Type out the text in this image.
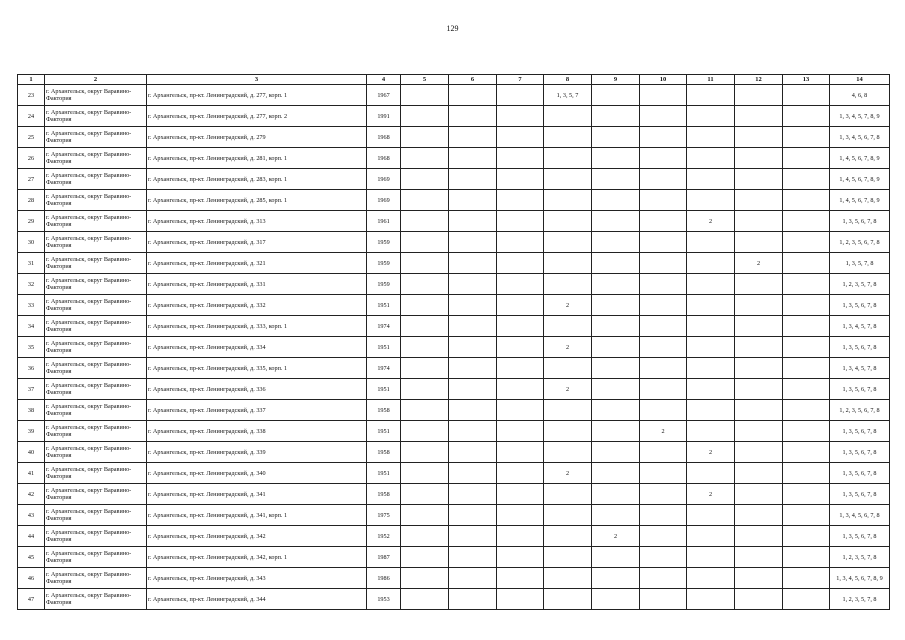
129
1	2	3	4	5	6	7	8	9	10	11	12	13	14
23	г. Архангельск, округ Варавино-Фактория	г. Архангельск, пр-кт. Ленинградский, д. 277, корп. 1	1967				1, 3, 5, 7						4, 6, 8
24	г. Архангельск, округ Варавино-Фактория	г. Архангельск, пр-кт. Ленинградский, д. 277, корп. 2	1991										1, 3, 4, 5, 7, 8, 9
25	г. Архангельск, округ Варавино-Фактория	г. Архангельск, пр-кт. Ленинградский, д. 279	1968										1, 3, 4, 5, 6, 7, 8
26	г. Архангельск, округ Варавино-Фактория	г. Архангельск, пр-кт. Ленинградский, д. 281, корп. 1	1968										1, 4, 5, 6, 7, 8, 9
27	г. Архангельск, округ Варавино-Фактория	г. Архангельск, пр-кт. Ленинградский, д. 283, корп. 1	1969										1, 4, 5, 6, 7, 8, 9
28	г. Архангельск, округ Варавино-Фактория	г. Архангельск, пр-кт. Ленинградский, д. 285, корп. 1	1969										1, 4, 5, 6, 7, 8, 9
29	г. Архангельск, округ Варавино-Фактория	г. Архангельск, пр-кт. Ленинградский, д. 313	1961							2			1, 3, 5, 6, 7, 8
30	г. Архангельск, округ Варавино-Фактория	г. Архангельск, пр-кт. Ленинградский, д. 317	1959										1, 2, 3, 5, 6, 7, 8
31	г. Архангельск, округ Варавино-Фактория	г. Архангельск, пр-кт. Ленинградский, д. 321	1959								2		1, 3, 5, 7, 8
32	г. Архангельск, округ Варавино-Фактория	г. Архангельск, пр-кт. Ленинградский, д. 331	1959										1, 2, 3, 5, 7, 8
33	г. Архангельск, округ Варавино-Фактория	г. Архангельск, пр-кт. Ленинградский, д. 332	1951				2						1, 3, 5, 6, 7, 8
34	г. Архангельск, округ Варавино-Фактория	г. Архангельск, пр-кт. Ленинградский, д. 333, корп. 1	1974										1, 3, 4, 5, 7, 8
35	г. Архангельск, округ Варавино-Фактория	г. Архангельск, пр-кт. Ленинградский, д. 334	1951				2						1, 3, 5, 6, 7, 8
36	г. Архангельск, округ Варавино-Фактория	г. Архангельск, пр-кт. Ленинградский, д. 335, корп. 1	1974										1, 3, 4, 5, 7, 8
37	г. Архангельск, округ Варавино-Фактория	г. Архангельск, пр-кт. Ленинградский, д. 336	1951				2						1, 3, 5, 6, 7, 8
38	г. Архангельск, округ Варавино-Фактория	г. Архангельск, пр-кт. Ленинградский, д. 337	1958										1, 2, 3, 5, 6, 7, 8
39	г. Архангельск, округ Варавино-Фактория	г. Архангельск, пр-кт. Ленинградский, д. 338	1951						2				1, 3, 5, 6, 7, 8
40	г. Архангельск, округ Варавино-Фактория	г. Архангельск, пр-кт. Ленинградский, д. 339	1958							2			1, 3, 5, 6, 7, 8
41	г. Архангельск, округ Варавино-Фактория	г. Архангельск, пр-кт. Ленинградский, д. 340	1951				2						1, 3, 5, 6, 7, 8
42	г. Архангельск, округ Варавино-Фактория	г. Архангельск, пр-кт. Ленинградский, д. 341	1958							2			1, 3, 5, 6, 7, 8
43	г. Архангельск, округ Варавино-Фактория	г. Архангельск, пр-кт. Ленинградский, д. 341, корп. 1	1975										1, 3, 4, 5, 6, 7, 8
44	г. Архангельск, округ Варавино-Фактория	г. Архангельск, пр-кт. Ленинградский, д. 342	1952					2					1, 3, 5, 6, 7, 8
45	г. Архангельск, округ Варавино-Фактория	г. Архангельск, пр-кт. Ленинградский, д. 342, корп. 1	1987										1, 2, 3, 5, 7, 8
46	г. Архангельск, округ Варавино-Фактория	г. Архангельск, пр-кт. Ленинградский, д. 343	1986										1, 3, 4, 5, 6, 7, 8, 9
47	г. Архангельск, округ Варавино-Фактория	г. Архангельск, пр-кт. Ленинградский, д. 344	1953										1, 2, 3, 5, 7, 8
